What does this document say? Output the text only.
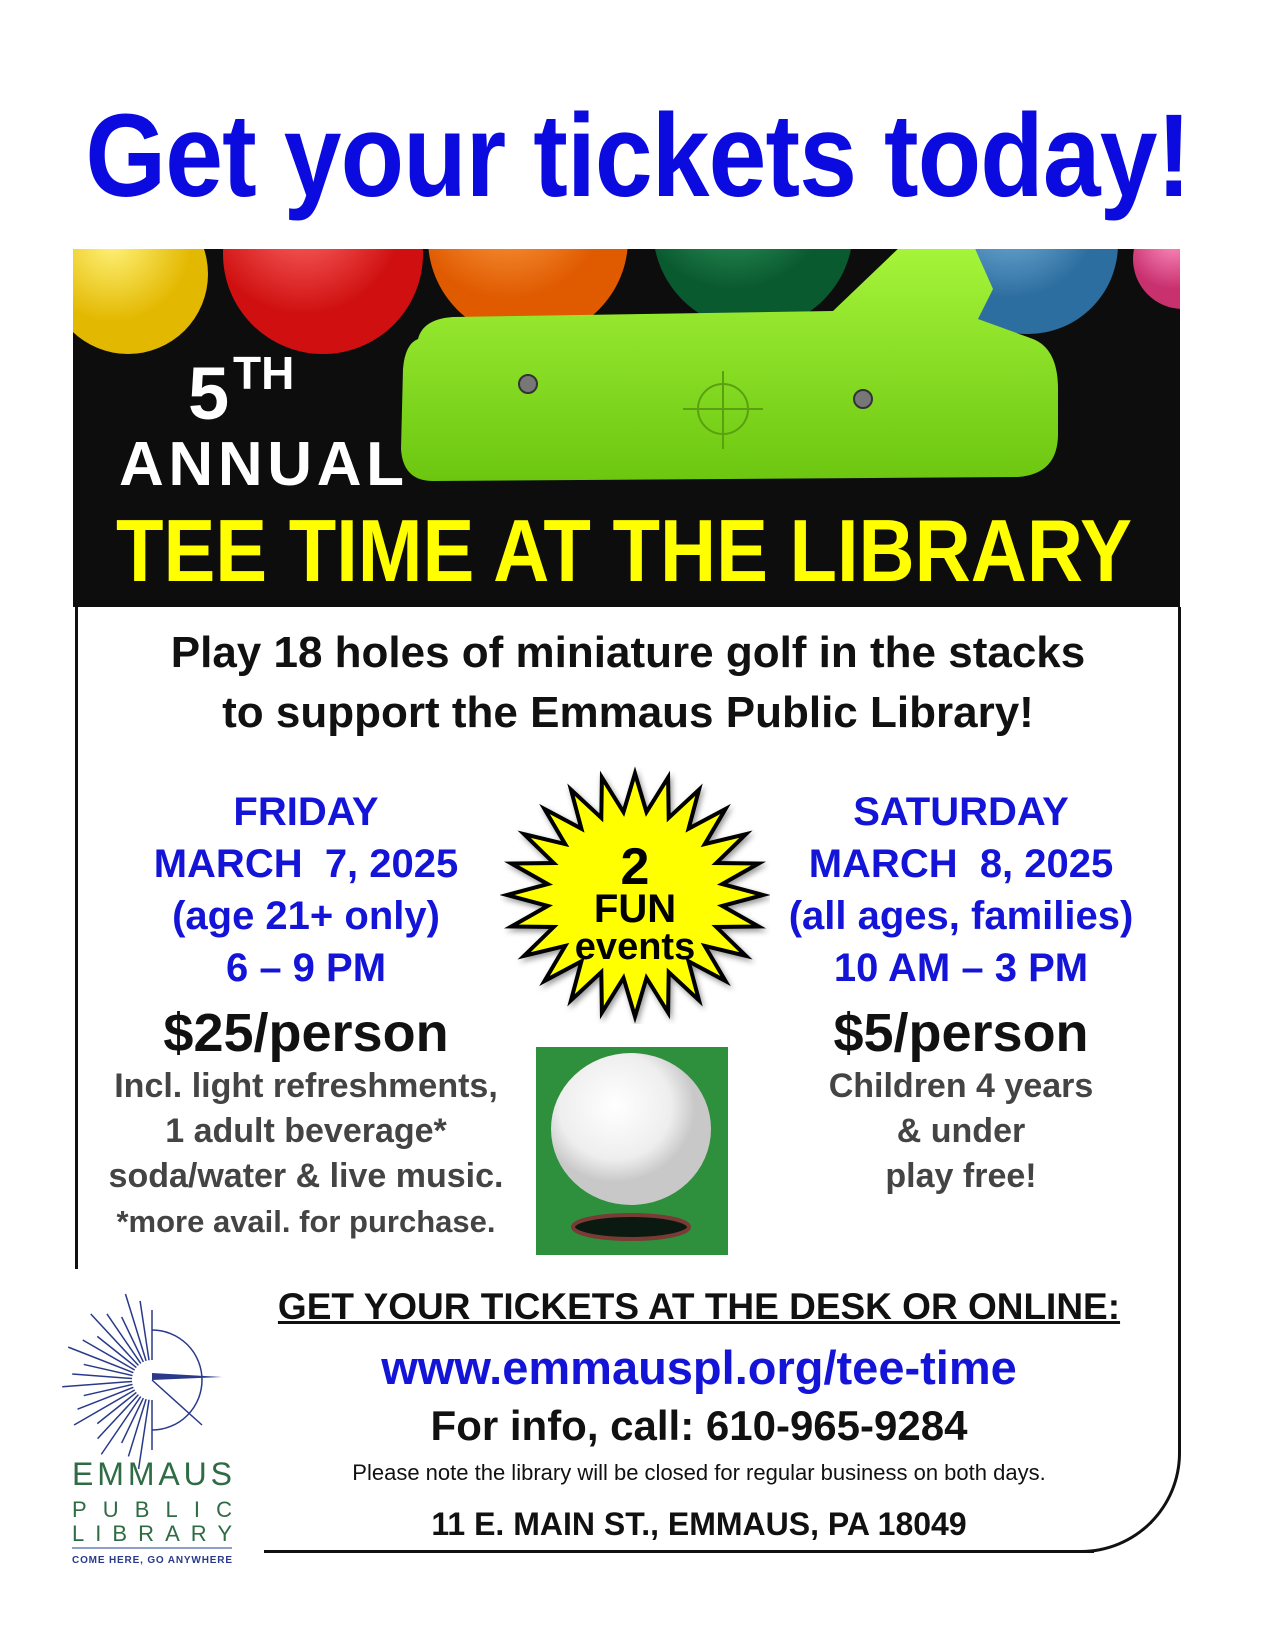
Get your tickets today!
5 TH
ANNUAL
TEE TIME AT THE LIBRARY
Play 18 holes of miniature golf in the stacks
to support the Emmaus Public Library!
FRIDAY
MARCH  7, 2025
(age 21+ only)
6 – 9 PM
$25/person
Incl. light refreshments,
1 adult beverage*
soda/water & live music.
*more avail. for purchase.
SATURDAY
MARCH  8, 2025
(all ages, families)
10 AM – 3 PM
$5/person
Children 4 years
& under
play free!
2
FUN
events
EMMAUS
PUBLIC
LIBRARY
COME HERE, GO ANYWHERE
GET YOUR TICKETS AT THE DESK OR ONLINE:
www.emmauspl.org/tee-time
For info, call: 610-965-9284
Please note the library will be closed for regular business on both days.
11 E. MAIN ST., EMMAUS, PA 18049
